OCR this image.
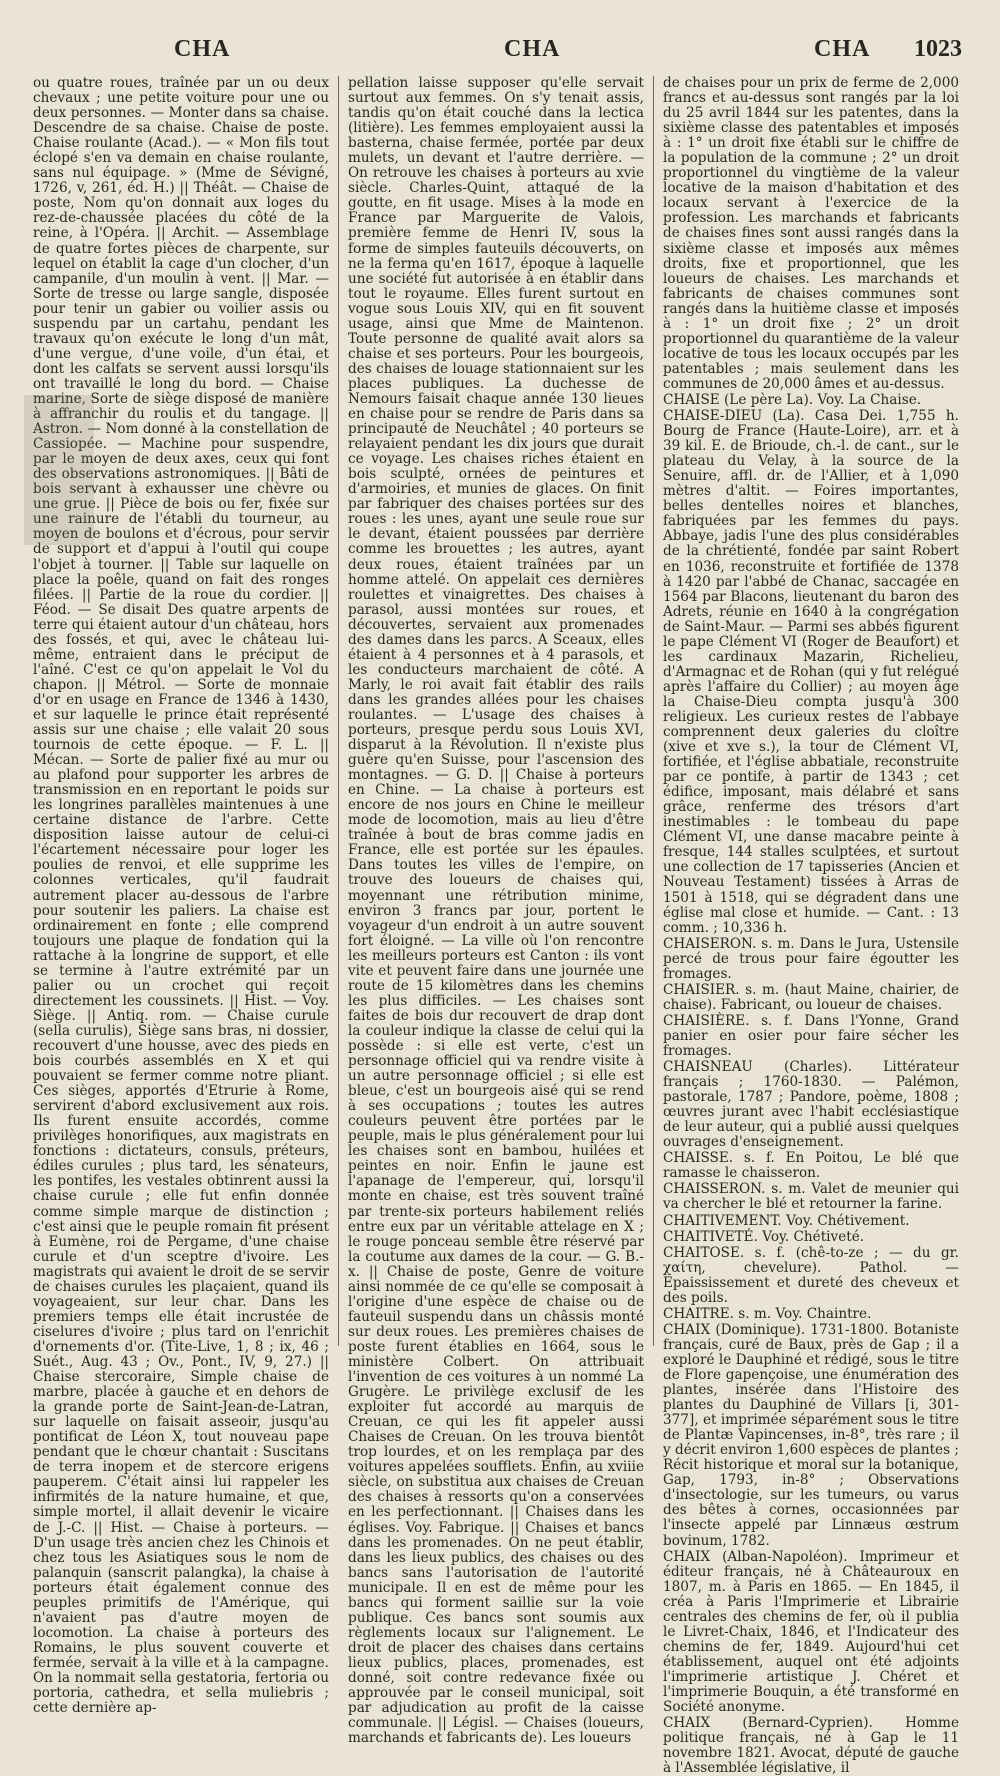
CHA	CHA	CHA 1023

ou quatre roues, traînée par un ou deux chevaux ; une petite voiture pour une ou deux personnes. — Monter dans sa chaise. Descendre de sa chaise. Chaise de poste. Chaise roulante (Acad.). — « Mon fils tout éclopé s'en va demain en chaise roulante, sans nul équipage. » (Mme de Sévigné, 1726, v, 261, éd. H.) || Théât. — Chaise de poste, Nom qu'on donnait aux loges du rez-de-chaussée placées du côté de la reine, à l'Opéra. || Archit. — Assemblage de quatre fortes pièces de charpente, sur lequel on établit la cage d'un clocher, d'un campanile, d'un moulin à vent. || Mar. — Sorte de tresse ou large sangle, disposée pour tenir un gabier ou voilier assis ou suspendu par un cartahu, pendant les travaux qu'on exécute le long d'un mât, d'une vergue, d'une voile, d'un étai, et dont les calfats se servent aussi lorsqu'ils ont travaillé le long du bord. — Chaise marine, Sorte de siège disposé de manière à affranchir du roulis et du tangage. || Astron. — Nom donné à la constellation de Cassiopée. — Machine pour suspendre, par le moyen de deux axes, ceux qui font des observations astronomiques. || Bâti de bois servant à exhausser une chèvre ou une grue. || Pièce de bois ou fer, fixée sur une rainure de l'établi du tourneur, au moyen de boulons et d'écrous, pour servir de support et d'appui à l'outil qui coupe l'objet à tourner. || Table sur laquelle on place la poêle, quand on fait des ronges filées. || Partie de la roue du cordier. || Féod. — Se disait Des quatre arpents de terre qui étaient autour d'un château, hors des fossés, et qui, avec le château lui-même, entraient dans le préciput de l'aîné. C'est ce qu'on appelait le Vol du chapon. || Métrol. — Sorte de monnaie d'or en usage en France de 1346 à 1430, et sur laquelle le prince était représenté assis sur une chaise ; elle valait 20 sous tournois de cette époque. — F. L. || Mécan. — Sorte de palier fixé au mur ou au plafond pour supporter les arbres de transmission en en reportant le poids sur les longrines parallèles maintenues à une certaine distance de l'arbre. Cette disposition laisse autour de celui-ci l'écartement nécessaire pour loger les poulies de renvoi, et elle supprime les colonnes verticales, qu'il faudrait autrement placer au-dessous de l'arbre pour soutenir les paliers. La chaise est ordinairement en fonte ; elle comprend toujours une plaque de fondation qui la rattache à la longrine de support, et elle se termine à l'autre extrémité par un palier ou un crochet qui reçoit directement les coussinets. || Hist. — Voy. Siège. || Antiq. rom. — Chaise curule (sella curulis), Siège sans bras, ni dossier, recouvert d'une housse, avec des pieds en bois courbés assemblés en X et qui pouvaient se fermer comme notre pliant. Ces sièges, apportés d'Etrurie à Rome, servirent d'abord exclusivement aux rois. Ils furent ensuite accordés, comme privilèges honorifiques, aux magistrats en fonctions : dictateurs, consuls, préteurs, édiles curules ; plus tard, les sénateurs, les pontifes, les vestales obtinrent aussi la chaise curule ; elle fut enfin donnée comme simple marque de distinction ; c'est ainsi que le peuple romain fit présent à Eumène, roi de Pergame, d'une chaise curule et d'un sceptre d'ivoire. Les magistrats qui avaient le droit de se servir de chaises curules les plaçaient, quand ils voyageaient, sur leur char. Dans les premiers temps elle était incrustée de ciselures d'ivoire ; plus tard on l'enrichit d'ornements d'or. (Tite-Live, 1, 8 ; ix, 46 ; Suét., Aug. 43 ; Ov., Pont., IV, 9, 27.) || Chaise stercoraire, Simple chaise de marbre, placée à gauche et en dehors de la grande porte de Saint-Jean-de-Latran, sur laquelle on faisait asseoir, jusqu'au pontificat de Léon X, tout nouveau pape pendant que le chœur chantait : Suscitans de terra inopem et de stercore erigens pauperem. C'était ainsi lui rappeler les infirmités de la nature humaine, et que, simple mortel, il allait devenir le vicaire de J.-C. || Hist. — Chaise à porteurs. — D'un usage très ancien chez les Chinois et chez tous les Asiatiques sous le nom de palanquin (sanscrit palangka), la chaise à porteurs était également connue des peuples primitifs de l'Amérique, qui n'avaient pas d'autre moyen de locomotion. La chaise à porteurs des Romains, le plus souvent couverte et fermée, servait à la ville et à la campagne. On la nommait sella gestatoria, fertoria ou portoria, cathedra, et sella muliebris ; cette dernière ap-

pellation laisse supposer qu'elle servait surtout aux femmes. On s'y tenait assis, tandis qu'on était couché dans la lectica (litière). Les femmes employaient aussi la basterna, chaise fermée, portée par deux mulets, un devant et l'autre derrière. — On retrouve les chaises à porteurs au xvie siècle. Charles-Quint, attaqué de la goutte, en fit usage. Mises à la mode en France par Marguerite de Valois, première femme de Henri IV, sous la forme de simples fauteuils découverts, on ne la ferma qu'en 1617, époque à laquelle une société fut autorisée à en établir dans tout le royaume. Elles furent surtout en vogue sous Louis XIV, qui en fit souvent usage, ainsi que Mme de Maintenon. Toute personne de qualité avait alors sa chaise et ses porteurs. Pour les bourgeois, des chaises de louage stationnaient sur les places publiques. La duchesse de Nemours faisait chaque année 130 lieues en chaise pour se rendre de Paris dans sa principauté de Neuchâtel ; 40 porteurs se relayaient pendant les dix jours que durait ce voyage. Les chaises riches étaient en bois sculpté, ornées de peintures et d'armoiries, et munies de glaces. On finit par fabriquer des chaises portées sur des roues : les unes, ayant une seule roue sur le devant, étaient poussées par derrière comme les brouettes ; les autres, ayant deux roues, étaient traînées par un homme attelé. On appelait ces dernières roulettes et vinaigrettes. Des chaises à parasol, aussi montées sur roues, et découvertes, servaient aux promenades des dames dans les parcs. A Sceaux, elles étaient à 4 personnes et à 4 parasols, et les conducteurs marchaient de côté. A Marly, le roi avait fait établir des rails dans les grandes allées pour les chaises roulantes. — L'usage des chaises à porteurs, presque perdu sous Louis XVI, disparut à la Révolution. Il n'existe plus guère qu'en Suisse, pour l'ascension des montagnes. — G. D. || Chaise à porteurs en Chine. — La chaise à porteurs est encore de nos jours en Chine le meilleur mode de locomotion, mais au lieu d'être traînée à bout de bras comme jadis en France, elle est portée sur les épaules. Dans toutes les villes de l'empire, on trouve des loueurs de chaises qui, moyennant une rétribution minime, environ 3 francs par jour, portent le voyageur d'un endroit à un autre souvent fort éloigné. — La ville où l'on rencontre les meilleurs porteurs est Canton : ils vont vite et peuvent faire dans une journée une route de 15 kilomètres dans les chemins les plus difficiles. — Les chaises sont faites de bois dur recouvert de drap dont la couleur indique la classe de celui qui la possède : si elle est verte, c'est un personnage officiel qui va rendre visite à un autre personnage officiel ; si elle est bleue, c'est un bourgeois aisé qui se rend à ses occupations ; toutes les autres couleurs peuvent être portées par le peuple, mais le plus généralement pour lui les chaises sont en bambou, huilées et peintes en noir. Enfin le jaune est l'apanage de l'empereur, qui, lorsqu'il monte en chaise, est très souvent traîné par trente-six porteurs habilement reliés entre eux par un véritable attelage en X ; le rouge ponceau semble être réservé par la coutume aux dames de la cour. — G. B.-x. || Chaise de poste, Genre de voiture ainsi nommée de ce qu'elle se composait à l'origine d'une espèce de chaise ou de fauteuil suspendu dans un châssis monté sur deux roues. Les premières chaises de poste furent établies en 1664, sous le ministère Colbert. On attribuait l'invention de ces voitures à un nommé La Grugère. Le privilège exclusif de les exploiter fut accordé au marquis de Creuan, ce qui les fit appeler aussi Chaises de Creuan. On les trouva bientôt trop lourdes, et on les remplaça par des voitures appelées soufflets. Enfin, au xviiie siècle, on substitua aux chaises de Creuan des chaises à ressorts qu'on a conservées en les perfectionnant. || Chaises dans les églises. Voy. Fabrique. || Chaises et bancs dans les promenades. On ne peut établir, dans les lieux publics, des chaises ou des bancs sans l'autorisation de l'autorité municipale. Il en est de même pour les bancs qui forment saillie sur la voie publique. Ces bancs sont soumis aux règlements locaux sur l'alignement. Le droit de placer des chaises dans certains lieux publics, places, promenades, est donné, soit contre redevance fixée ou approuvée par le conseil municipal, soit par adjudication au profit de la caisse communale. || Législ. — Chaises (loueurs, marchands et fabricants de). Les loueurs

de chaises pour un prix de ferme de 2,000 francs et au-dessus sont rangés par la loi du 25 avril 1844 sur les patentes, dans la sixième classe des patentables et imposés à : 1° un droit fixe établi sur le chiffre de la population de la commune ; 2° un droit proportionnel du vingtième de la valeur locative de la maison d'habitation et des locaux servant à l'exercice de la profession. Les marchands et fabricants de chaises fines sont aussi rangés dans la sixième classe et imposés aux mêmes droits, fixe et proportionnel, que les loueurs de chaises. Les marchands et fabricants de chaises communes sont rangés dans la huitième classe et imposés à : 1° un droit fixe ; 2° un droit proportionnel du quarantième de la valeur locative de tous les locaux occupés par les patentables ; mais seulement dans les communes de 20,000 âmes et au-dessus.

CHAISE (Le père La). Voy. La Chaise.

CHAISE-DIEU (La). Casa Dei. 1,755 h. Bourg de France (Haute-Loire), arr. et à 39 kil. E. de Brioude, ch.-l. de cant., sur le plateau du Velay, à la source de la Senuire, affl. dr. de l'Allier, et à 1,090 mètres d'altit. — Foires importantes, belles dentelles noires et blanches, fabriquées par les femmes du pays. Abbaye, jadis l'une des plus considérables de la chrétienté, fondée par saint Robert en 1036, reconstruite et fortifiée de 1378 à 1420 par l'abbé de Chanac, saccagée en 1564 par Blacons, lieutenant du baron des Adrets, réunie en 1640 à la congrégation de Saint-Maur. — Parmi ses abbés figurent le pape Clément VI (Roger de Beaufort) et les cardinaux Mazarin, Richelieu, d'Armagnac et de Rohan (qui y fut relégué après l'affaire du Collier) ; au moyen âge la Chaise-Dieu compta jusqu'à 300 religieux. Les curieux restes de l'abbaye comprennent deux galeries du cloître (xive et xve s.), la tour de Clément VI, fortifiée, et l'église abbatiale, reconstruite par ce pontife, à partir de 1343 ; cet édifice, imposant, mais délabré et sans grâce, renferme des trésors d'art inestimables : le tombeau du pape Clément VI, une danse macabre peinte à fresque, 144 stalles sculptées, et surtout une collection de 17 tapisseries (Ancien et Nouveau Testament) tissées à Arras de 1501 à 1518, qui se dégradent dans une église mal close et humide. — Cant. : 13 comm. ; 10,336 h.

CHAISERON. s. m. Dans le Jura, Ustensile percé de trous pour faire égoutter les fromages.

CHAISIER. s. m. (haut Maine, chairier, de chaise). Fabricant, ou loueur de chaises.

CHAISIÈRE. s. f. Dans l'Yonne, Grand panier en osier pour faire sécher les fromages.

CHAISNEAU (Charles). Littérateur français ; 1760-1830. — Palémon, pastorale, 1787 ; Pandore, poème, 1808 ; œuvres jurant avec l'habit ecclésiastique de leur auteur, qui a publié aussi quelques ouvrages d'enseignement.

CHAISSE. s. f. En Poitou, Le blé que ramasse le chaisseron.

CHAISSERON. s. m. Valet de meunier qui va chercher le blé et retourner la farine.

CHAITIVEMENT. Voy. Chétivement.

CHAITIVETÉ. Voy. Chétiveté.

CHAITOSE. s. f. (chê-to-ze ; — du gr. χαίτη, chevelure). Pathol. — Epaississement et dureté des cheveux et des poils.

CHAITRE. s. m. Voy. Chaintre.

CHAIX (Dominique). 1731-1800. Botaniste français, curé de Baux, près de Gap ; il a exploré le Dauphiné et rédigé, sous le titre de Flore gapençoise, une énumération des plantes, insérée dans l'Histoire des plantes du Dauphiné de Villars [i, 301-377], et imprimée séparément sous le titre de Plantæ Vapincenses, in-8°, très rare ; il y décrit environ 1,600 espèces de plantes ; Récit historique et moral sur la botanique, Gap, 1793, in-8° ; Observations d'insectologie, sur les tumeurs, ou varus des bêtes à cornes, occasionnées par l'insecte appelé par Linnæus œstrum bovinum, 1782.

CHAIX (Alban-Napoléon). Imprimeur et éditeur français, né à Châteauroux en 1807, m. à Paris en 1865. — En 1845, il créa à Paris l'Imprimerie et Librairie centrales des chemins de fer, où il publia le Livret-Chaix, 1846, et l'Indicateur des chemins de fer, 1849. Aujourd'hui cet établissement, auquel ont été adjoints l'imprimerie artistique J. Chéret et l'imprimerie Bouquin, a été transformé en Société anonyme.

CHAIX (Bernard-Cyprien). Homme politique français, né à Gap le 11 novembre 1821. Avocat, député de gauche à l'Assemblée législative, il
